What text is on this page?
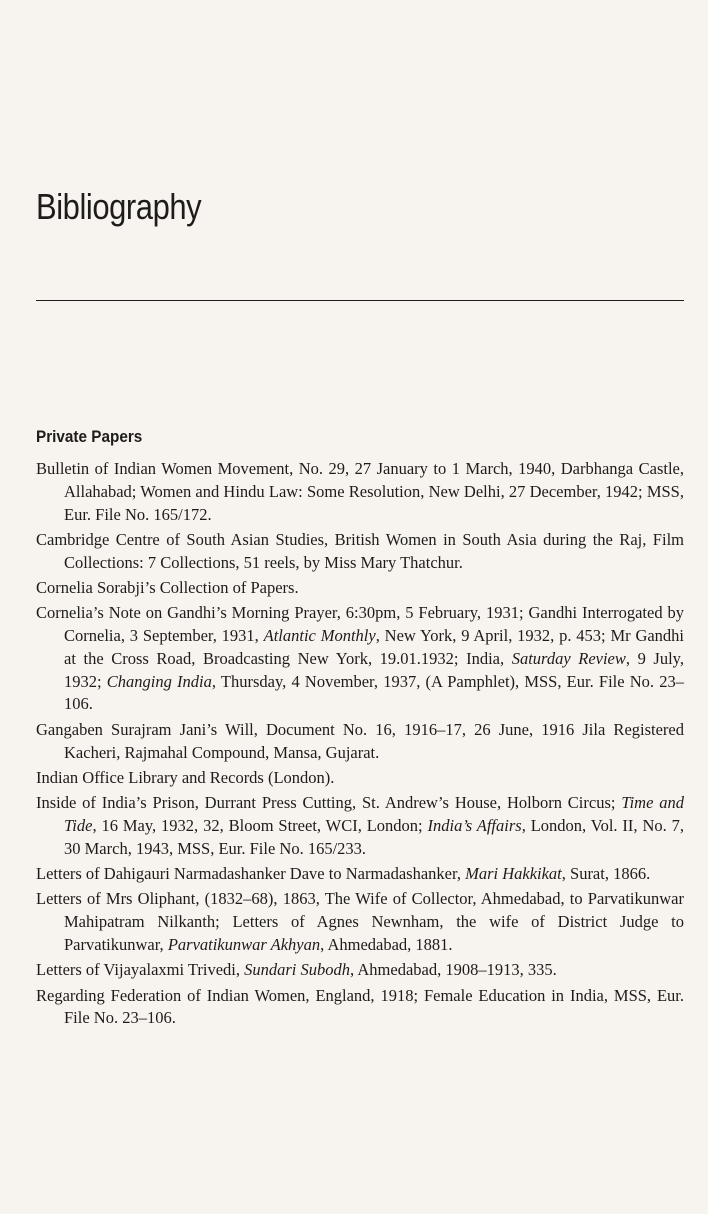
Bibliography
Private Papers

Bulletin of Indian Women Movement, No. 29, 27 January to 1 March, 1940, Darbhanga Castle, Allahabad; Women and Hindu Law: Some Resolution, New Delhi, 27 December, 1942; MSS, Eur. File No. 165/172.

Cambridge Centre of South Asian Studies, British Women in South Asia during the Raj, Film Collections: 7 Collections, 51 reels, by Miss Mary Thatchur.

Cornelia Sorabji’s Collection of Papers.

Cornelia’s Note on Gandhi’s Morning Prayer, 6:30pm, 5 February, 1931; Gandhi Interrogated by Cornelia, 3 September, 1931, Atlantic Monthly, New York, 9 April, 1932, p. 453; Mr Gandhi at the Cross Road, Broadcasting New York, 19.01.1932; India, Saturday Review, 9 July, 1932; Changing India, Thursday, 4 November, 1937, (A Pamphlet), MSS, Eur. File No. 23–106.

Gangaben Surajram Jani’s Will, Document No. 16, 1916–17, 26 June, 1916 Jila Registered Kacheri, Rajmahal Compound, Mansa, Gujarat.

Indian Office Library and Records (London).

Inside of India’s Prison, Durrant Press Cutting, St. Andrew’s House, Holborn Circus; Time and Tide, 16 May, 1932, 32, Bloom Street, WCI, London; India’s Affairs, London, Vol. II, No. 7, 30 March, 1943, MSS, Eur. File No. 165/233.

Letters of Dahigauri Narmadashanker Dave to Narmadashanker, Mari Hakkikat, Surat, 1866.

Letters of Mrs Oliphant, (1832–68), 1863, The Wife of Collector, Ahmedabad, to Parvatikunwar Mahipatram Nilkanth; Letters of Agnes Newnham, the wife of District Judge to Parvatikunwar, Parvatikunwar Akhyan, Ahmedabad, 1881.

Letters of Vijayalaxmi Trivedi, Sundari Subodh, Ahmedabad, 1908–1913, 335.

Regarding Federation of Indian Women, England, 1918; Female Education in India, MSS, Eur. File No. 23–106.
